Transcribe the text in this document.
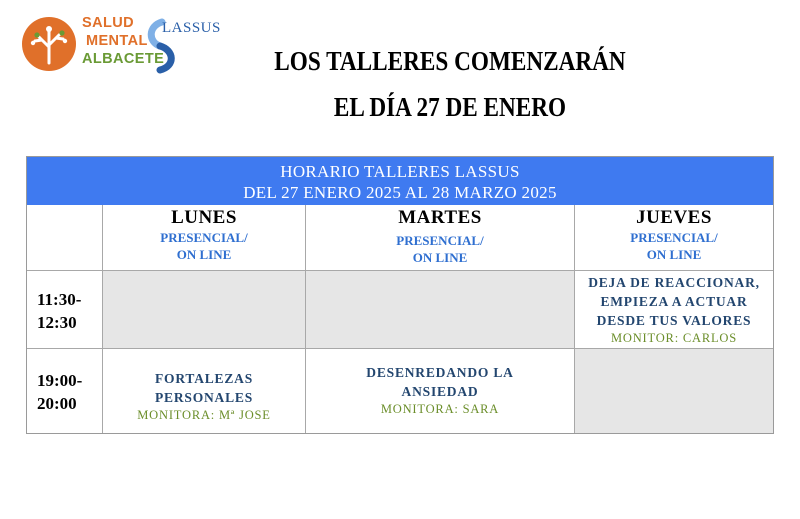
SALUD
MENTAL
ALBACETE
LASSUS
LOS TALLERES COMENZARÁN
EL DÍA 27 DE ENERO
HORARIO TALLERES LASSUS
DEL 27 ENERO 2025 AL 28 MARZO 2025
LUNES
PRESENCIAL/
ON LINE
MARTES
PRESENCIAL/
ON LINE
JUEVES
PRESENCIAL/
ON LINE
11:30-
12:30
DEJA DE REACCIONAR,
EMPIEZA A ACTUAR
DESDE TUS VALORES
MONITOR: CARLOS
19:00-
20:00
FORTALEZAS
PERSONALES
MONITORA: Mª JOSE
DESENREDANDO LA
ANSIEDAD
MONITORA: SARA
